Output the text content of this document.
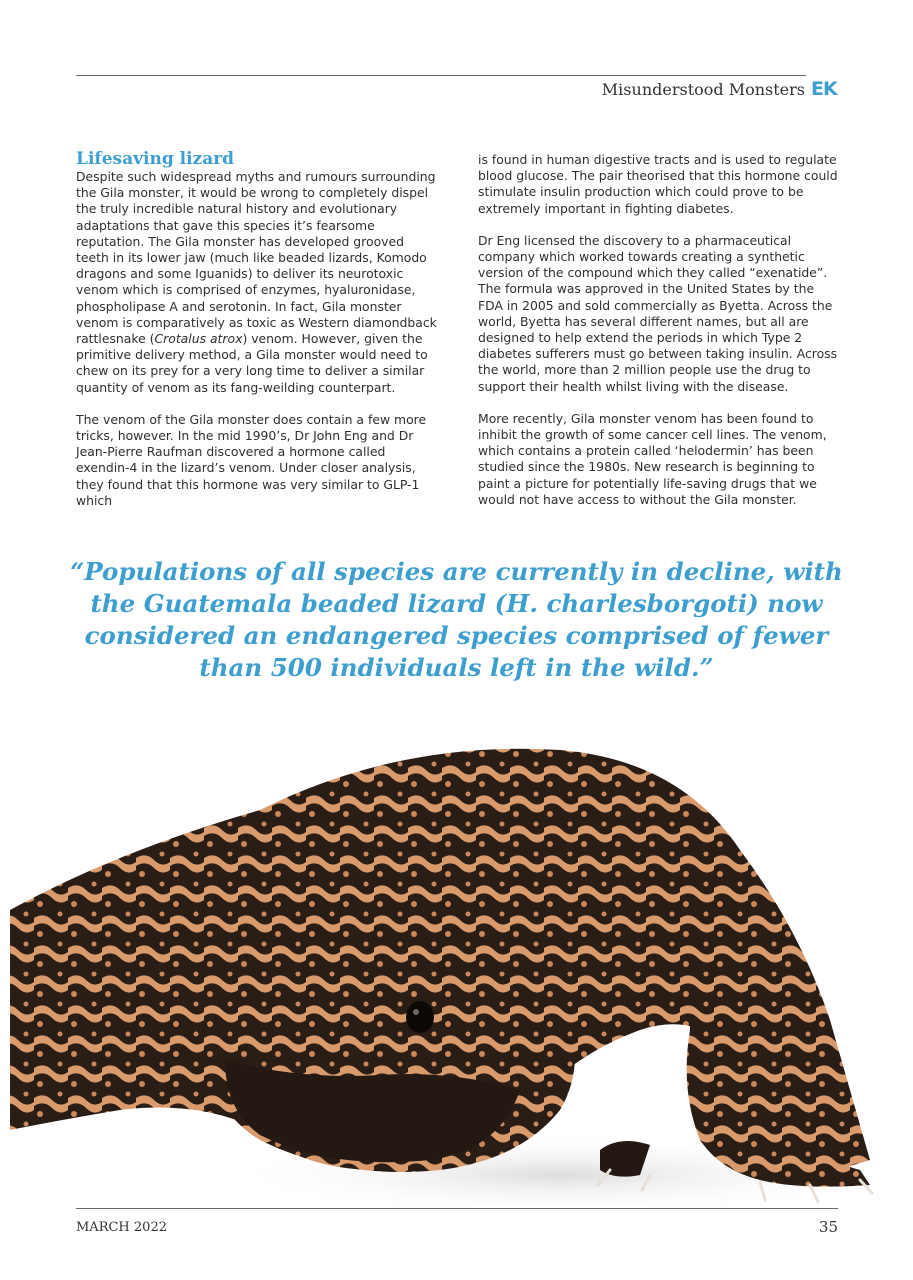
Misunderstood Monsters EK
Lifesaving lizard

Despite such widespread myths and rumours surrounding the Gila monster, it would be wrong to completely dispel the truly incredible natural history and evolutionary adaptations that gave this species it’s fearsome reputation. The Gila monster has developed grooved teeth in its lower jaw (much like beaded lizards, Komodo dragons and some Iguanids) to deliver its neurotoxic venom which is comprised of enzymes, hyaluronidase, phospholipase A and serotonin. In fact, Gila monster venom is comparatively as toxic as Western diamondback rattlesnake (Crotalus atrox) venom. However, given the primitive delivery method, a Gila monster would need to chew on its prey for a very long time to deliver a similar quantity of venom as its fang-weilding counterpart.

The venom of the Gila monster does contain a few more tricks, however. In the mid 1990’s, Dr John Eng and Dr Jean-Pierre Raufman discovered a hormone called exendin-4 in the lizard’s venom. Under closer analysis, they found that this hormone was very similar to GLP-1 which

is found in human digestive tracts and is used to regulate blood glucose. The pair theorised that this hormone could stimulate insulin production which could prove to be extremely important in fighting diabetes.

Dr Eng licensed the discovery to a pharmaceutical company which worked towards creating a synthetic version of the compound which they called “exenatide”. The formula was approved in the United States by the FDA in 2005 and sold commercially as Byetta. Across the world, Byetta has several different names, but all are designed to help extend the periods in which Type 2 diabetes sufferers must go between taking insulin. Across the world, more than 2 million people use the drug to support their health whilst living with the disease.

More recently, Gila monster venom has been found to inhibit the growth of some cancer cell lines. The venom, which contains a protein called ‘helodermin’ has been studied since the 1980s. New research is beginning to paint a picture for potentially life-saving drugs that we would not have access to without the Gila monster.

“Populations of all species are currently in decline, with the Guatemala beaded lizard (H. charlesborgoti) now considered an endangered species comprised of fewer than 500 individuals left in the wild.”
MARCH 2022	35
